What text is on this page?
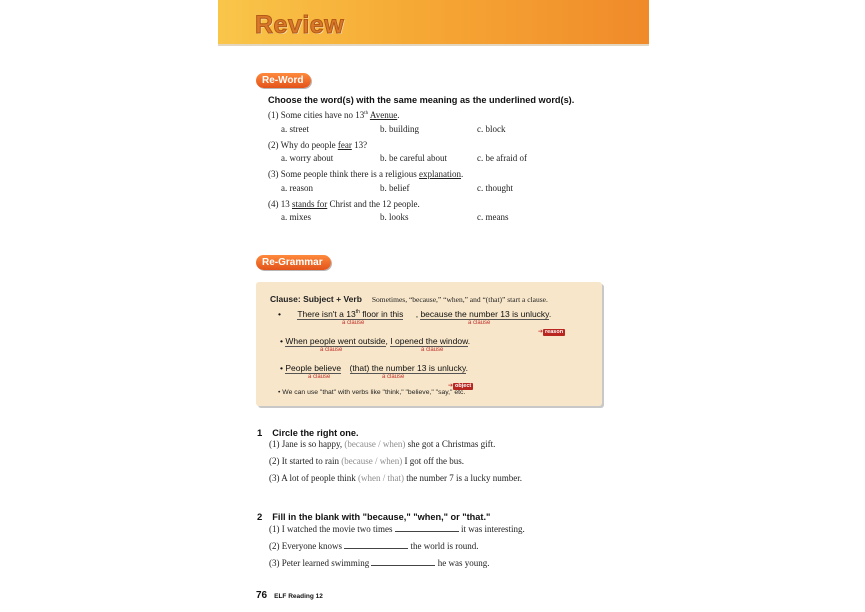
Review
Re-Word
Choose the word(s) with the same meaning as the underlined word(s).
(1) Some cities have no 13th Avenue.
a. street	b. building	c. block
(2) Why do people fear 13?
a. worry about	b. be careful about	c. be afraid of
(3) Some people think there is a religious explanation.
a. reason	b. belief	c. thought
(4) 13 stands for Christ and the 12 people.
a. mixes	b. looks	c. means
Re-Grammar
Clause: Subject + Verb Sometimes, “because,” “when,” and “(that)” start a clause.
• There isn't a 13th floor in this , because the number 13 is unlucky.
a clause	a clause
➔ reason
• When people went outside, I opened the window.
a clause	a clause
• People believe (that) the number 13 is unlucky.
a clause	a clause
➔ object
• We can use "that" with verbs like "think," "believe," "say," etc.
1 Circle the right one.
(1) Jane is so happy, (because / when) she got a Christmas gift.
(2) It started to rain (because / when) I got off the bus.
(3) A lot of people think (when / that) the number 7 is a lucky number.
2 Fill in the blank with "because," "when," or "that."
(1) I watched the movie two times	it was interesting.
(2) Everyone knows	the world is round.
(3) Peter learned swimming	he was young.
76 ELF Reading 12
